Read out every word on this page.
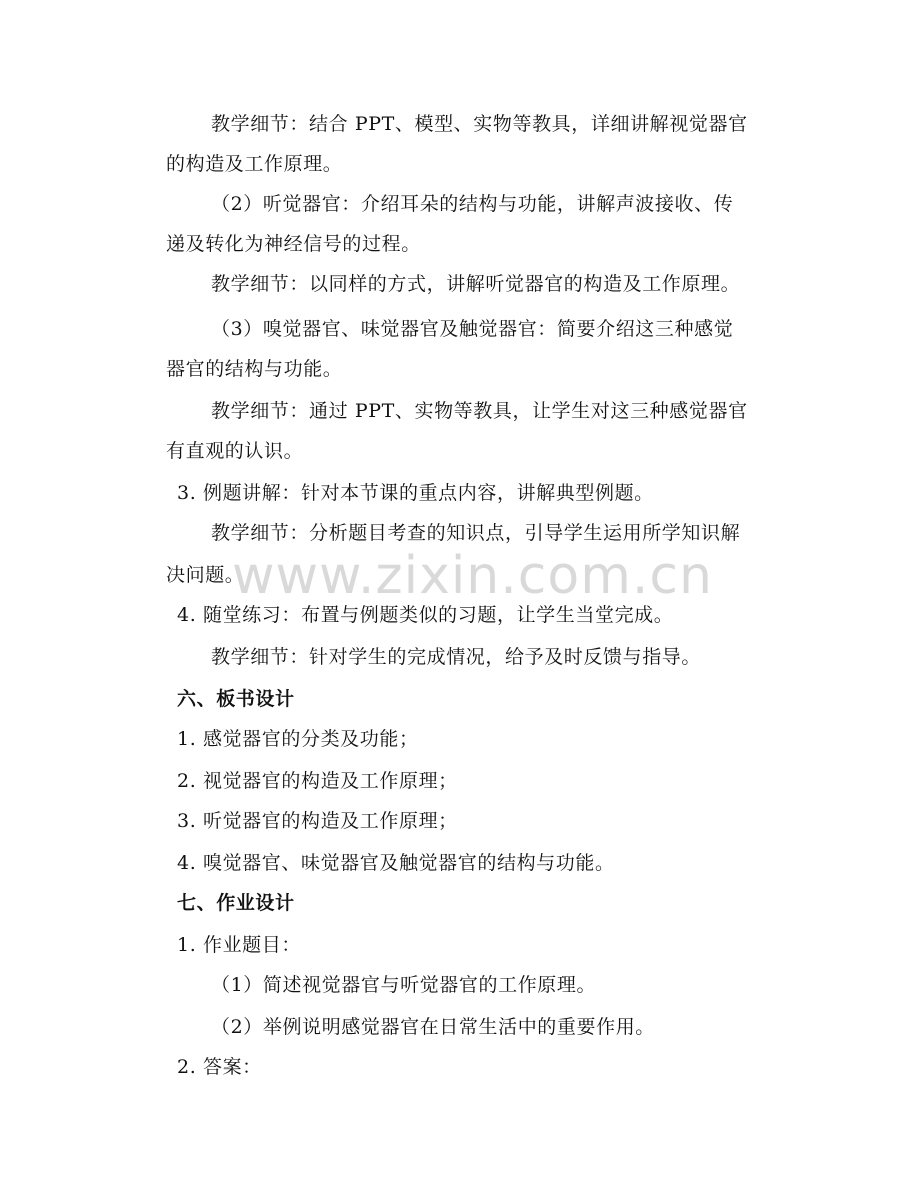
教学细节：结合 PPT、模型、实物等教具，详细讲解视觉器官
的构造及工作原理。
（2）听觉器官：介绍耳朵的结构与功能，讲解声波接收、传
递及转化为神经信号的过程。
教学细节：以同样的方式，讲解听觉器官的构造及工作原理。
（3）嗅觉器官、味觉器官及触觉器官：简要介绍这三种感觉
器官的结构与功能。
教学细节：通过 PPT、实物等教具，让学生对这三种感觉器官
有直观的认识。
3. 例题讲解：针对本节课的重点内容，讲解典型例题。
教学细节：分析题目考查的知识点，引导学生运用所学知识解
决问题。
4. 随堂练习：布置与例题类似的习题，让学生当堂完成。
教学细节：针对学生的完成情况，给予及时反馈与指导。
六、板书设计
1. 感觉器官的分类及功能；
2. 视觉器官的构造及工作原理；
3. 听觉器官的构造及工作原理；
4. 嗅觉器官、味觉器官及触觉器官的结构与功能。
七、作业设计
1. 作业题目：
（1）简述视觉器官与听觉器官的工作原理。
（2）举例说明感觉器官在日常生活中的重要作用。
2. 答案：
www.zixin.com.cn
